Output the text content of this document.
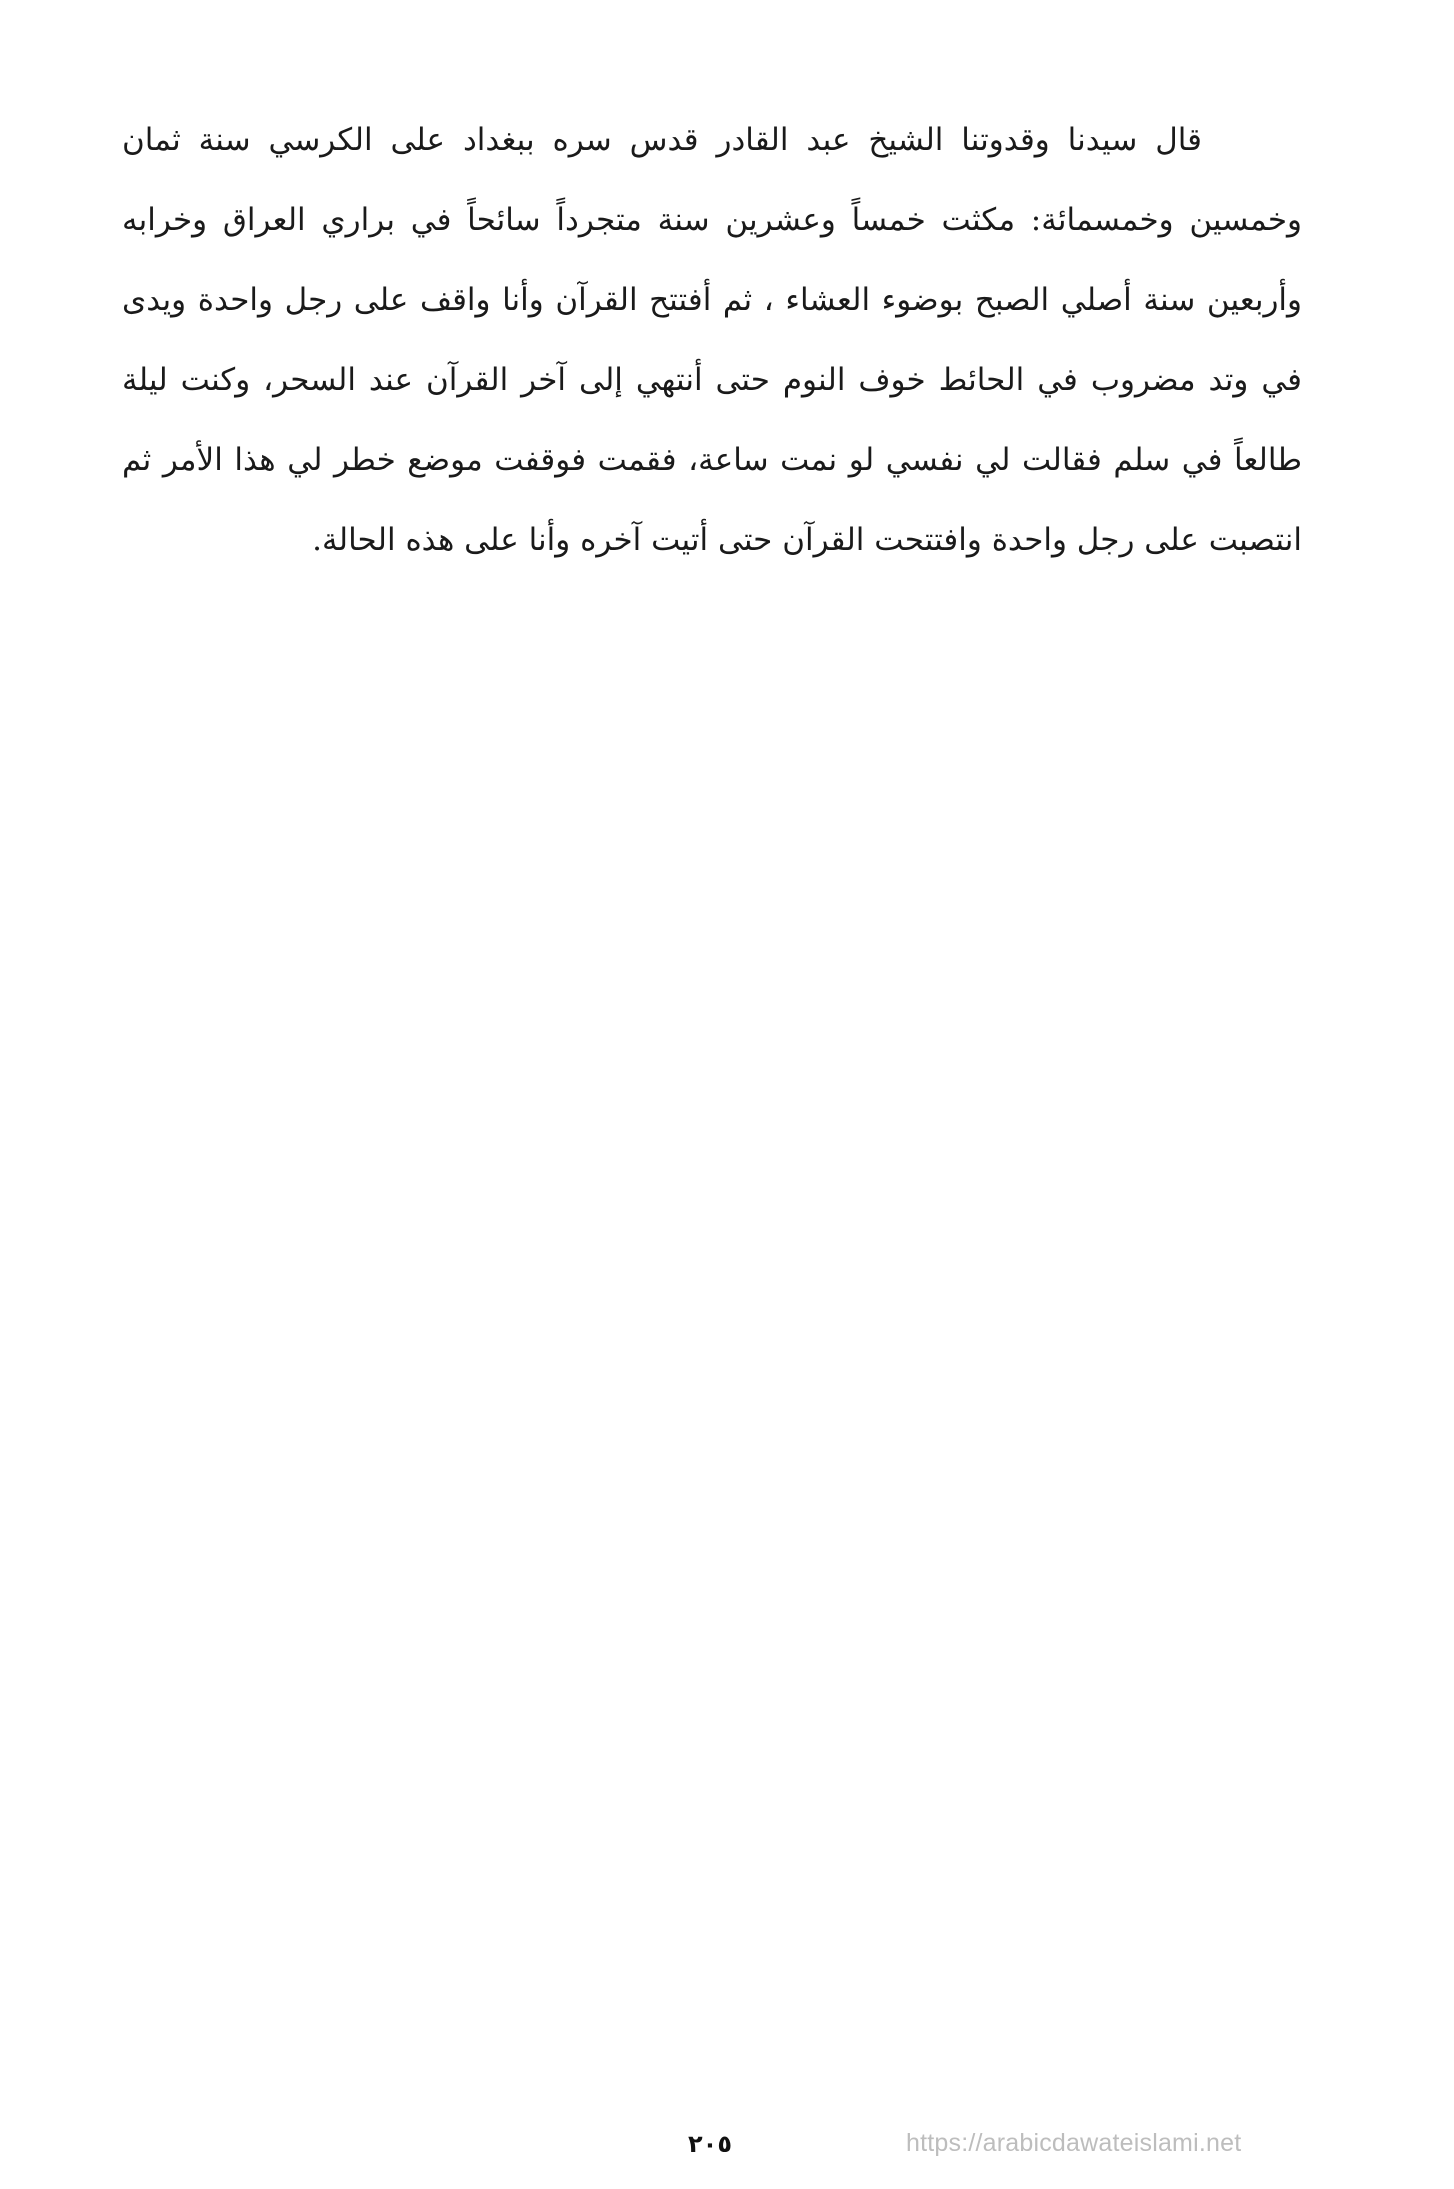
قال سيدنا وقدوتنا الشيخ عبد القادر قدس سره ببغداد على الكرسي سنة ثمان
وخمسين وخمسمائة: مكثت خمساً وعشرين سنة متجرداً سائحاً في براري العراق وخرابه
وأربعين سنة أصلي الصبح بوضوء العشاء ، ثم أفتتح القرآن وأنا واقف على رجل واحدة ويدى
في وتد مضروب في الحائط خوف النوم حتى أنتهي إلى آخر القرآن عند السحر، وكنت ليلة
طالعاً في سلم فقالت لي نفسي لو نمت ساعة، فقمت فوقفت موضع خطر لي هذا الأمر ثم
انتصبت على رجل واحدة وافتتحت القرآن حتى أتيت آخره وأنا على هذه الحالة.
٢٠٥	https://arabicdawateislami.net
